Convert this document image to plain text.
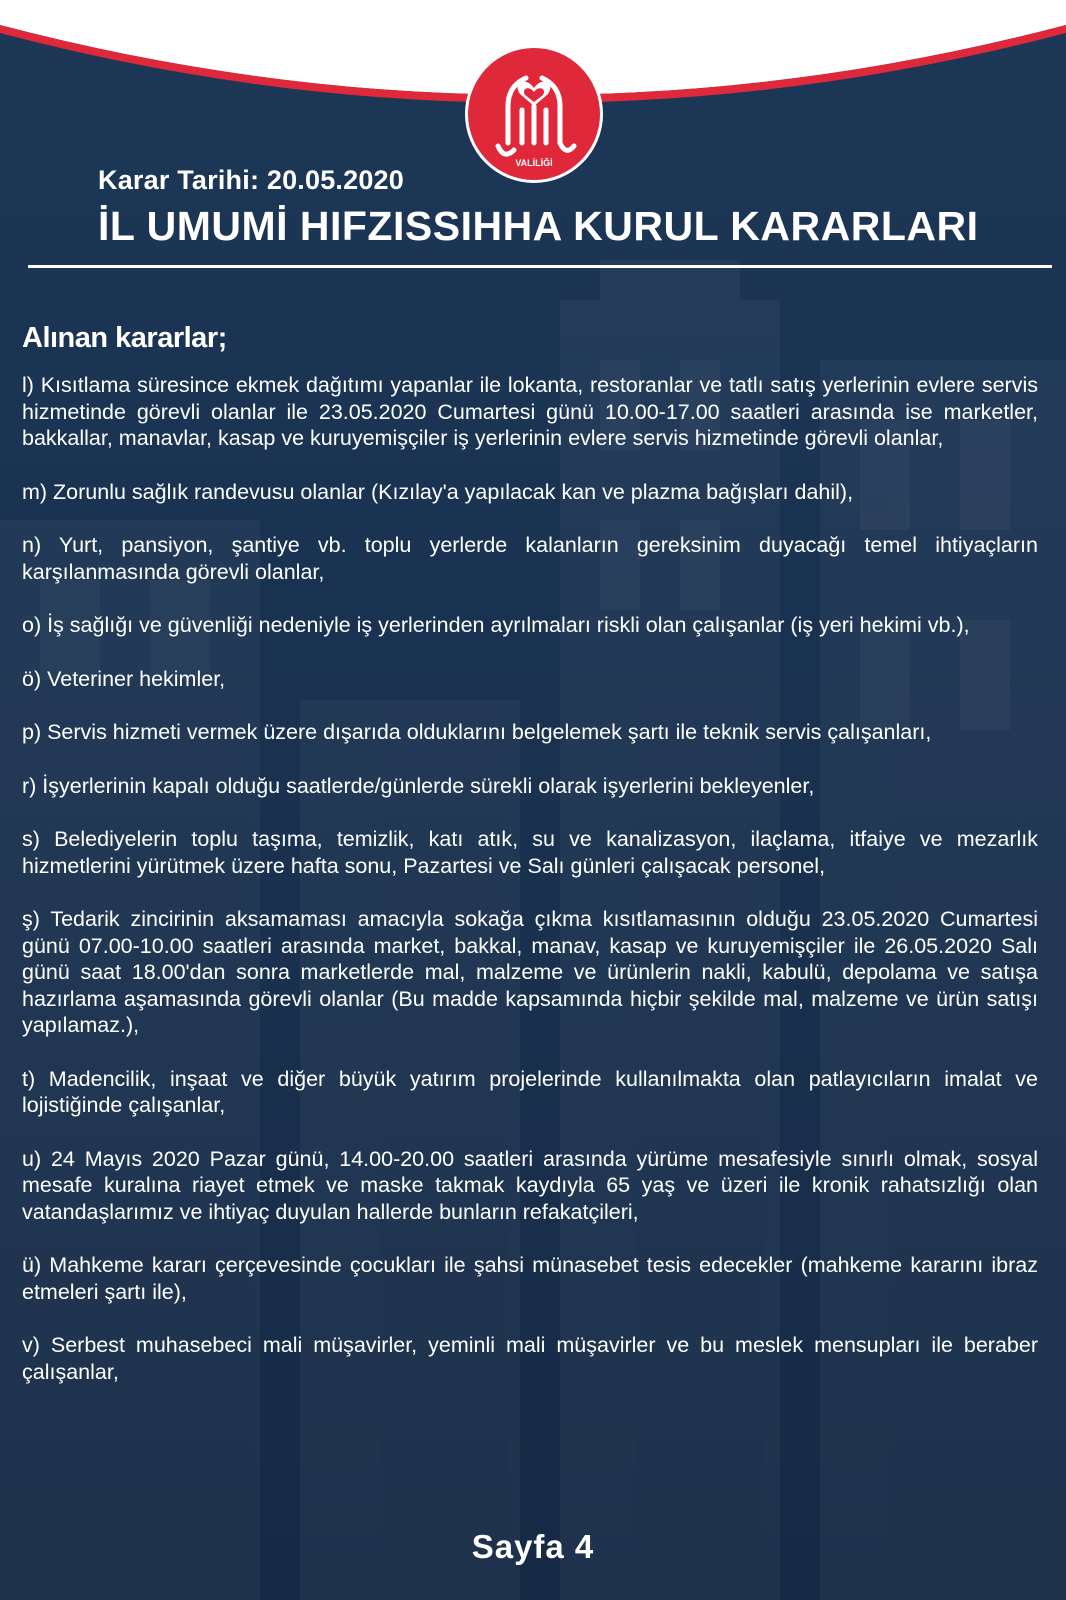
VALİLİĞİ
Karar Tarihi: 20.05.2020
İL UMUMİ HIFZISSIHHA KURUL KARARLARI
Alınan kararlar;

l) Kısıtlama süresince ekmek dağıtımı yapanlar ile lokanta, restoranlar ve tatlı satış yerlerinin evlere servis hizmetinde görevli olanlar ile 23.05.2020 Cumartesi günü 10.00-17.00 saatleri arasında ise marketler, bakkallar, manavlar, kasap ve kuruyemişçiler iş yerlerinin evlere servis hizmetinde görevli olanlar,

m) Zorunlu sağlık randevusu olanlar (Kızılay'a yapılacak kan ve plazma bağışları dahil),

n) Yurt, pansiyon, şantiye vb. toplu yerlerde kalanların gereksinim duyacağı temel ihtiyaçların karşılanmasında görevli olanlar,

o) İş sağlığı ve güvenliği nedeniyle iş yerlerinden ayrılmaları riskli olan çalışanlar (iş yeri hekimi vb.),

ö) Veteriner hekimler,

p) Servis hizmeti vermek üzere dışarıda olduklarını belgelemek şartı ile teknik servis çalışanları,

r) İşyerlerinin kapalı olduğu saatlerde/günlerde sürekli olarak işyerlerini bekleyenler,

s) Belediyelerin toplu taşıma, temizlik, katı atık, su ve kanalizasyon, ilaçlama, itfaiye ve mezarlık hizmetlerini yürütmek üzere hafta sonu, Pazartesi ve Salı günleri çalışacak personel,

ş) Tedarik zincirinin aksamaması amacıyla sokağa çıkma kısıtlamasının olduğu 23.05.2020 Cumartesi günü 07.00-10.00 saatleri arasında market, bakkal, manav, kasap ve kuruyemişçiler ile 26.05.2020 Salı günü saat 18.00'dan sonra marketlerde mal, malzeme ve ürünlerin nakli, kabulü, depolama ve satışa hazırlama aşamasında görevli olanlar (Bu madde kapsamında hiçbir şekilde mal, malzeme ve ürün satışı yapılamaz.),

t) Madencilik, inşaat ve diğer büyük yatırım projelerinde kullanılmakta olan patlayıcıların imalat ve lojistiğinde çalışanlar,

u) 24 Mayıs 2020 Pazar günü, 14.00-20.00 saatleri arasında yürüme mesafesiyle sınırlı olmak, sosyal mesafe kuralına riayet etmek ve maske takmak kaydıyla 65 yaş ve üzeri ile kronik rahatsızlığı olan vatandaşlarımız ve ihtiyaç duyulan hallerde bunların refakatçileri,

ü) Mahkeme kararı çerçevesinde çocukları ile şahsi münasebet tesis edecekler (mahkeme kararını ibraz etmeleri şartı ile),

v) Serbest muhasebeci mali müşavirler, yeminli mali müşavirler ve bu meslek mensupları ile beraber çalışanlar,

Sayfa 4
